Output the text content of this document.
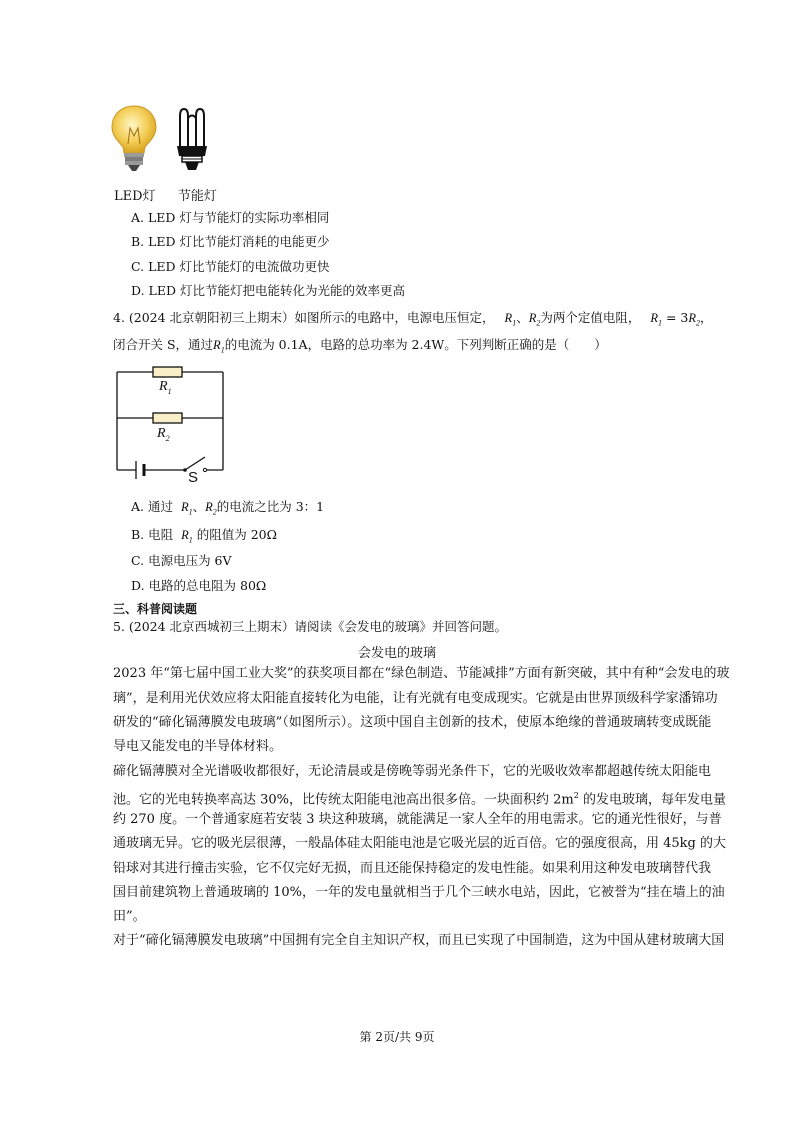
LED灯 节能灯
A. LED 灯与节能灯的实际功率相同
B. LED 灯比节能灯消耗的电能更少
C. LED 灯比节能灯的电流做功更快
D. LED 灯比节能灯把电能转化为光能的效率更高
4. (2024 北京朝阳初三上期末）如图所示的电路中，电源电压恒定， $R_1$、$R_2$为两个定值电阻， $R_1 = 3R_2$，
闭合开关 S，通过$R_1$的电流为 0.1A，电路的总功率为 2.4W。下列判断正确的是（　　）
$R_1$
$R_2$
S
A. 通过 $R_1$、$R_2$的电流之比为 3：1
B. 电阻 $R_1$ 的阻值为 20Ω
C. 电源电压为 6V
D. 电路的总电阻为 80Ω
三、科普阅读题
5. (2024 北京西城初三上期末）请阅读《会发电的玻璃》并回答问题。
会发电的玻璃
2023 年“第七届中国工业大奖”的获奖项目都在“绿色制造、节能减排”方面有新突破，其中有种“会发电的玻
璃”，是利用光伏效应将太阳能直接转化为电能，让有光就有电变成现实。它就是由世界顶级科学家潘锦功
研发的“碲化镉薄膜发电玻璃”（如图所示）。这项中国自主创新的技术，使原本绝缘的普通玻璃转变成既能
导电又能发电的半导体材料。
碲化镉薄膜对全光谱吸收都很好，无论清晨或是傍晚等弱光条件下，它的光吸收效率都超越传统太阳能电
池。它的光电转换率高达 30%，比传统太阳能电池高出很多倍。一块面积约 $2m^2$ 的发电玻璃，每年发电量
约 270 度。一个普通家庭若安装 3 块这种玻璃，就能满足一家人全年的用电需求。它的通光性很好，与普
通玻璃无异。它的吸光层很薄，一般晶体硅太阳能电池是它吸光层的近百倍。它的强度很高，用 45kg 的大
铅球对其进行撞击实验，它不仅完好无损，而且还能保持稳定的发电性能。如果利用这种发电玻璃替代我
国目前建筑物上普通玻璃的 10%，一年的发电量就相当于几个三峡水电站，因此，它被誉为“挂在墙上的油
田”。
对于“碲化镉薄膜发电玻璃”中国拥有完全自主知识产权，而且已实现了中国制造，这为中国从建材玻璃大国
第 2页/共 9页
